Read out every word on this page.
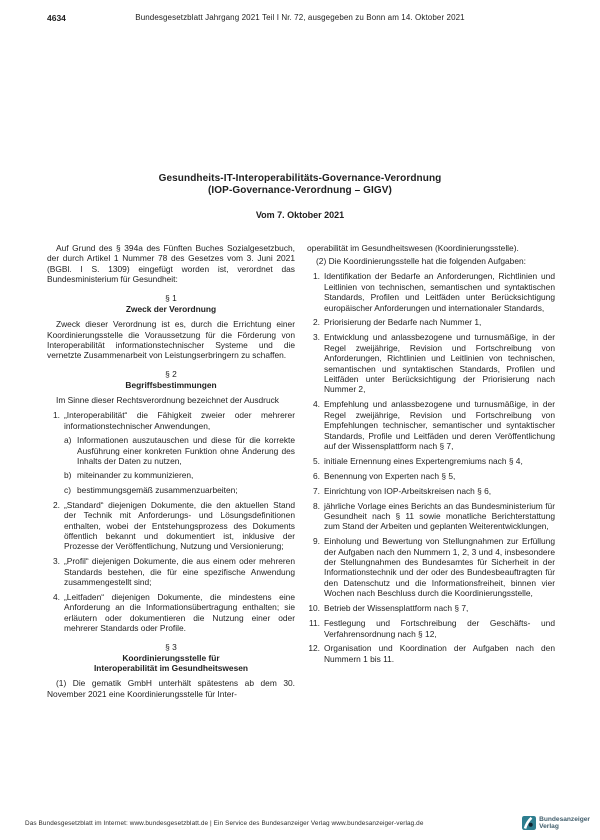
4634	Bundesgesetzblatt Jahrgang 2021 Teil I Nr. 72, ausgegeben zu Bonn am 14. Oktober 2021
Gesundheits-IT-Interoperabilitäts-Governance-Verordnung
(IOP-Governance-Verordnung – GIGV)
Vom 7. Oktober 2021

Auf Grund des § 394a des Fünften Buches Sozialgesetzbuch, der durch Artikel 1 Nummer 78 des Gesetzes vom 3. Juni 2021 (BGBl. I S. 1309) eingefügt worden ist, verordnet das Bundesministerium für Gesundheit:

§ 1
Zweck der Verordnung

Zweck dieser Verordnung ist es, durch die Errichtung einer Koordinierungsstelle die Voraussetzung für die Förderung von Interoperabilität informationstechnischer Systeme und die vernetzte Zusammenarbeit von Leistungserbringern zu schaffen.

§ 2
Begriffsbestimmungen

Im Sinne dieser Rechtsverordnung bezeichnet der Ausdruck

1. „Interoperabilität“ die Fähigkeit zweier oder mehrerer informationstechnischer Anwendungen,
a) Informationen auszutauschen und diese für die korrekte Ausführung einer konkreten Funktion ohne Änderung des Inhalts der Daten zu nutzen,
b) miteinander zu kommunizieren,
c) bestimmungsgemäß zusammenzuarbeiten;
2. „Standard“ diejenigen Dokumente, die den aktuellen Stand der Technik mit Anforderungs- und Lösungsdefinitionen enthalten, wobei der Entstehungsprozess des Dokuments öffentlich bekannt und dokumentiert ist, inklusive der Prozesse der Veröffentlichung, Nutzung und Versionierung;
3. „Profil“ diejenigen Dokumente, die aus einem oder mehreren Standards bestehen, die für eine spezifische Anwendung zusammengestellt sind;
4. „Leitfaden“ diejenigen Dokumente, die mindestens eine Anforderung an die Informationsübertragung enthalten; sie erläutern oder dokumentieren die Nutzung einer oder mehrerer Standards oder Profile.
§ 3
Koordinierungsstelle für
Interoperabilität im Gesundheitswesen

(1) Die gematik GmbH unterhält spätestens ab dem 30. November 2021 eine Koordinierungsstelle für Inter-

operabilität im Gesundheitswesen (Koordinierungsstelle).

(2) Die Koordinierungsstelle hat die folgenden Aufgaben:

1. Identifikation der Bedarfe an Anforderungen, Richtlinien und Leitlinien von technischen, semantischen und syntaktischen Standards, Profilen und Leitfäden unter Berücksichtigung europäischer Anforderungen und internationaler Standards,
2. Priorisierung der Bedarfe nach Nummer 1,
3. Entwicklung und anlassbezogene und turnusmäßige, in der Regel zweijährige, Revision und Fortschreibung von Anforderungen, Richtlinien und Leitlinien von technischen, semantischen und syntaktischen Standards, Profilen und Leitfäden unter Berücksichtigung der Priorisierung nach Nummer 2,
4. Empfehlung und anlassbezogene und turnusmäßige, in der Regel zweijährige, Revision und Fortschreibung von Empfehlungen technischer, semantischer und syntaktischer Standards, Profile und Leitfäden und deren Veröffentlichung auf der Wissensplattform nach § 7,
5. initiale Ernennung eines Expertengremiums nach § 4,
6. Benennung von Experten nach § 5,
7. Einrichtung von IOP-Arbeitskreisen nach § 6,
8. jährliche Vorlage eines Berichts an das Bundesministerium für Gesundheit nach § 11 sowie monatliche Berichterstattung zum Stand der Arbeiten und geplanten Weiterentwicklungen,
9. Einholung und Bewertung von Stellungnahmen zur Erfüllung der Aufgaben nach den Nummern 1, 2, 3 und 4, insbesondere der Stellungnahmen des Bundesamtes für Sicherheit in der Informationstechnik und der oder des Bundesbeauftragten für den Datenschutz und die Informationsfreiheit, binnen vier Wochen nach Beschluss durch die Koordinierungsstelle,
10. Betrieb der Wissensplattform nach § 7,
11. Festlegung und Fortschreibung der Geschäfts- und Verfahrensordnung nach § 12,
12. Organisation und Koordination der Aufgaben nach den Nummern 1 bis 11.
Das Bundesgesetzblatt im Internet: www.bundesgesetzblatt.de | Ein Service des Bundesanzeiger Verlag www.bundesanzeiger-verlag.de	Bundesanzeiger
Verlag
